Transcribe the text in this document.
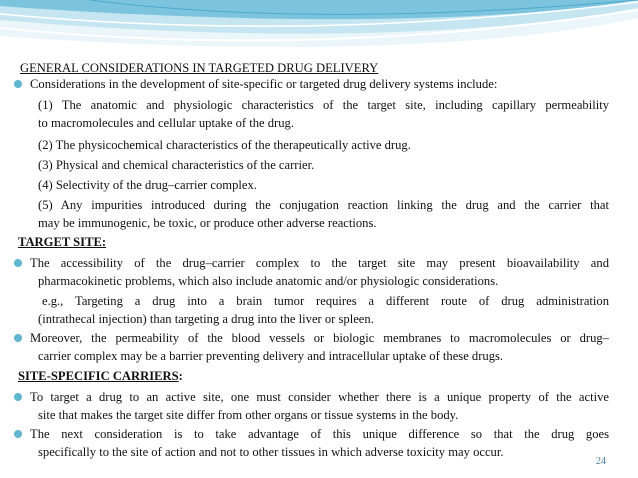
GENERAL CONSIDERATIONS IN TARGETED DRUG DELIVERY

Considerations in the development of site-specific or targeted drug delivery systems include:

(1) The anatomic and physiologic characteristics of the target site, including capillary permeability

to macromolecules and cellular uptake of the drug.

(2) The physicochemical characteristics of the therapeutically active drug.

(3) Physical and chemical characteristics of the carrier.

(4) Selectivity of the drug–carrier complex.

(5) Any impurities introduced during the conjugation reaction linking the drug and the carrier that

may be immunogenic, be toxic, or produce other adverse reactions.

TARGET SITE:

The accessibility of the drug–carrier complex to the target site may present bioavailability and

pharmacokinetic problems, which also include anatomic and/or physiologic considerations.

e.g., Targeting a drug into a brain tumor requires a different route of drug administration

(intrathecal injection) than targeting a drug into the liver or spleen.

Moreover, the permeability of the blood vessels or biologic membranes to macromolecules or drug–

carrier complex may be a barrier preventing delivery and intracellular uptake of these drugs.

SITE-SPECIFIC CARRIERS:

To target a drug to an active site, one must consider whether there is a unique property of the active

site that makes the target site differ from other organs or tissue systems in the body.

The next consideration is to take advantage of this unique difference so that the drug goes

specifically to the site of action and not to other tissues in which adverse toxicity may occur.

24
